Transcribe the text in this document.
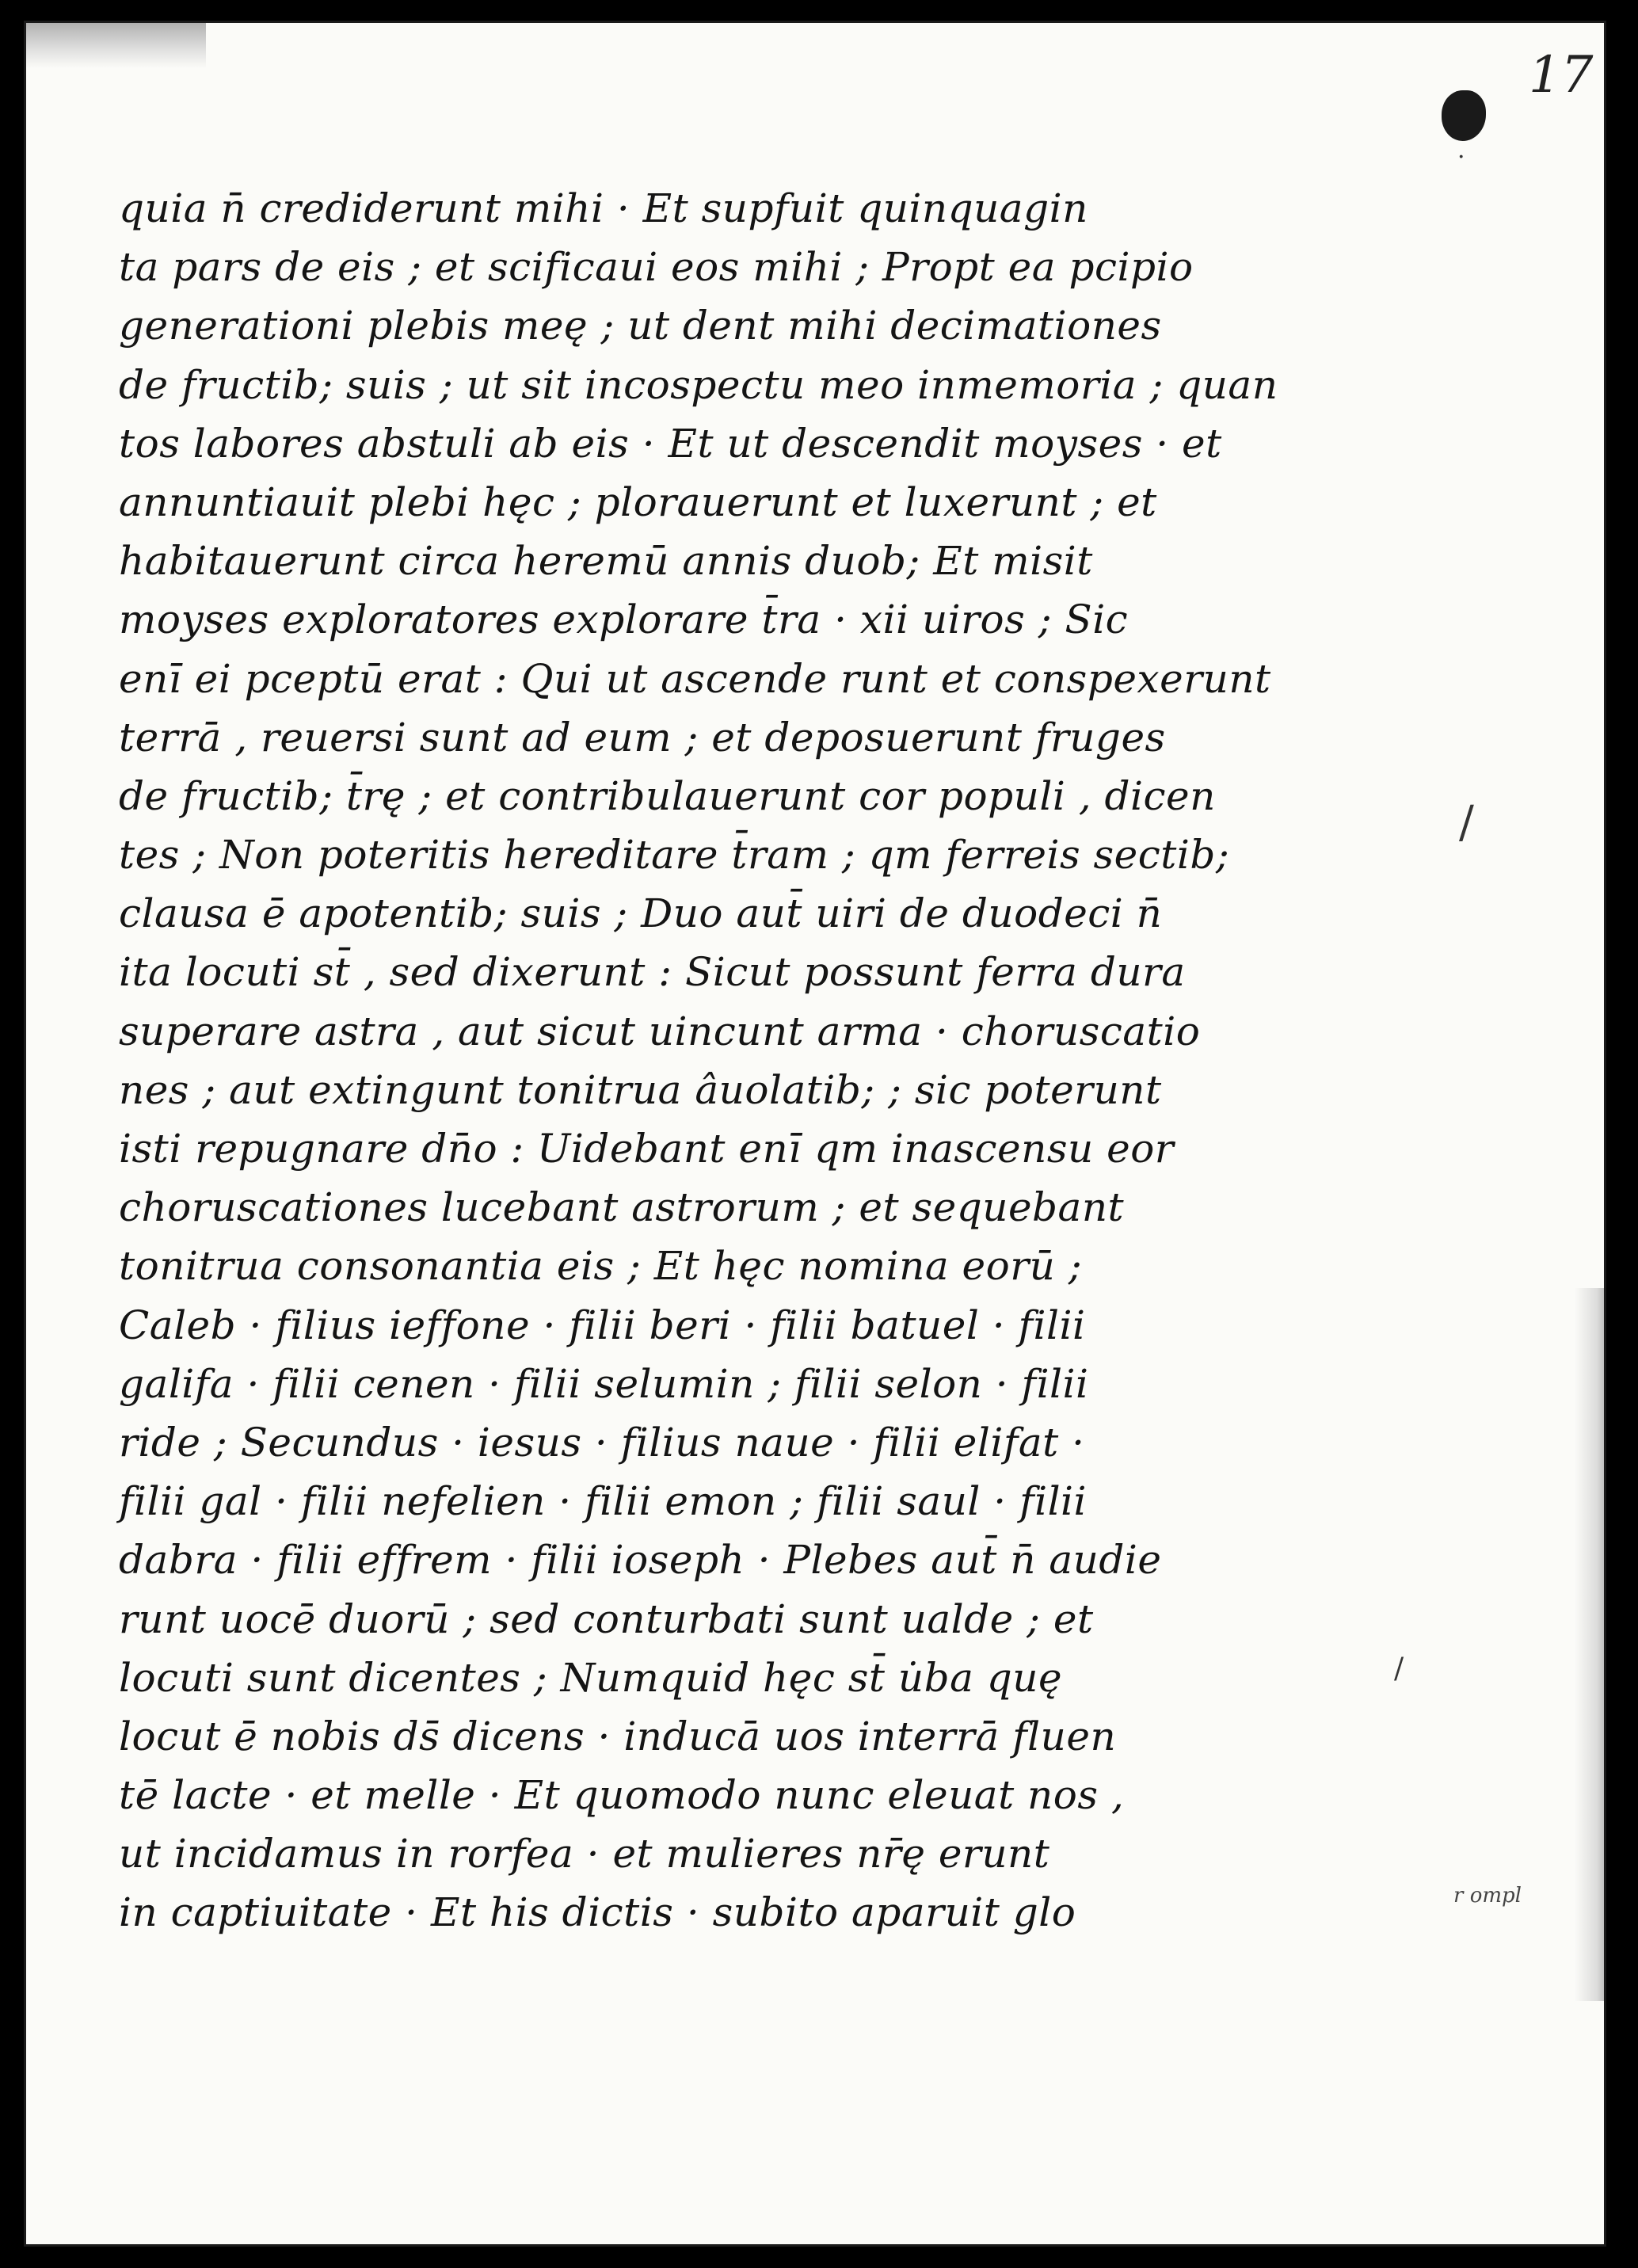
17
quia n̄ crediderunt mihi · Et supfuit quinquagin
ta pars de eis ; et scificaui eos mihi ; Propt ea pcipio
generationi plebis meę ; ut dent mihi decimationes
de fructib; suis ; ut sit incospectu meo inmemoria ; quan
tos labores abstuli ab eis · Et ut descendit moyses · et
annuntiauit plebi hęc ; plorauerunt et luxerunt ; et
habitauerunt circa heremū annis duob; Et misit
moyses exploratores explorare t̄ra · xii uiros ; Sic
enī ei pceptū erat : Qui ut ascende runt et conspexerunt
terrā , reuersi sunt ad eum ; et deposuerunt fruges
de fructib; t̄rę ; et contribulauerunt cor populi , dicen
tes ; Non poteritis hereditare t̄ram ; qm ferreis sectib;
clausa ē apotentib; suis ; Duo aut̄ uiri de duodeci n̄
ita locuti st̄ , sed dixerunt : Sicut possunt ferra dura
superare astra , aut sicut uincunt arma · choruscatio
nes ; aut extingunt tonitrua âuolatib; ; sic poterunt
isti repugnare dn̄o : Uidebant enī qm inascensu eor
choruscationes lucebant astrorum ; et sequebant
tonitrua consonantia eis ; Et hęc nomina eorū ;
Caleb · filius ieffone · filii beri · filii batuel · filii
galifa · filii cenen · filii selumin ; filii selon · filii
ride ; Secundus · iesus · filius naue · filii elifat ·
filii gal · filii nefelien · filii emon ; filii saul · filii
dabra · filii effrem · filii ioseph · Plebes aut̄ n̄ audie
runt uocē duorū ; sed conturbati sunt ualde ; et
locuti sunt dicentes ; Numquid hęc st̄ u̇ba quę
locut ē nobis ds̄ dicens · inducā uos interrā fluen
tē lacte · et melle · Et quomodo nunc eleuat nos ,
ut incidamus in rorfea · et mulieres nr̄ę erunt
in captiuitate · Et his dictis · subito aparuit glo
·
/
/
r ompl
